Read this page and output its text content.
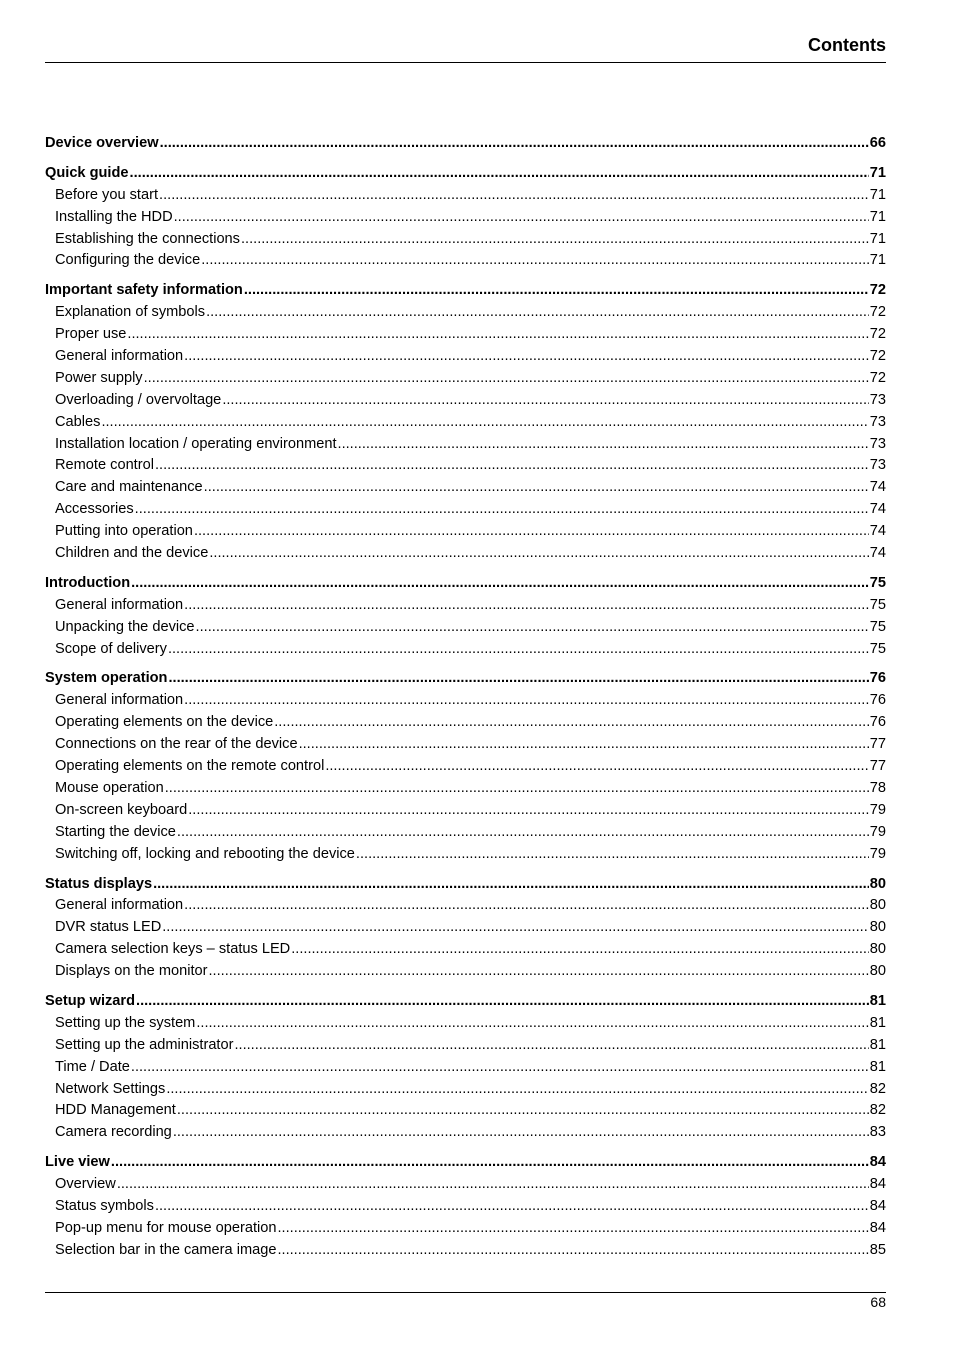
Contents
Device overview .....	66
Quick guide .....	71
Before you start .....	71
Installing the HDD .....	71
Establishing the connections .....	71
Configuring the device .....	71
Important safety information .....	72
Explanation of symbols .....	72
Proper use .....	72
General information .....	72
Power supply .....	72
Overloading / overvoltage .....	73
Cables .....	73
Installation location / operating environment .....	73
Remote control .....	73
Care and maintenance .....	74
Accessories .....	74
Putting into operation .....	74
Children and the device .....	74
Introduction .....	75
General information .....	75
Unpacking the device .....	75
Scope of delivery .....	75
System operation .....	76
General information .....	76
Operating elements on the device .....	76
Connections on the rear of the device .....	77
Operating elements on the remote control .....	77
Mouse operation .....	78
On-screen keyboard .....	79
Starting the device .....	79
Switching off, locking and rebooting the device .....	79
Status displays .....	80
General information .....	80
DVR status LED .....	80
Camera selection keys – status LED .....	80
Displays on the monitor .....	80
Setup wizard .....	81
Setting up the system .....	81
Setting up the administrator .....	81
Time / Date .....	81
Network Settings .....	82
HDD Management .....	82
Camera recording .....	83
Live view .....	84
Overview .....	84
Status symbols .....	84
Pop-up menu for mouse operation .....	84
Selection bar in the camera image .....	85
68
